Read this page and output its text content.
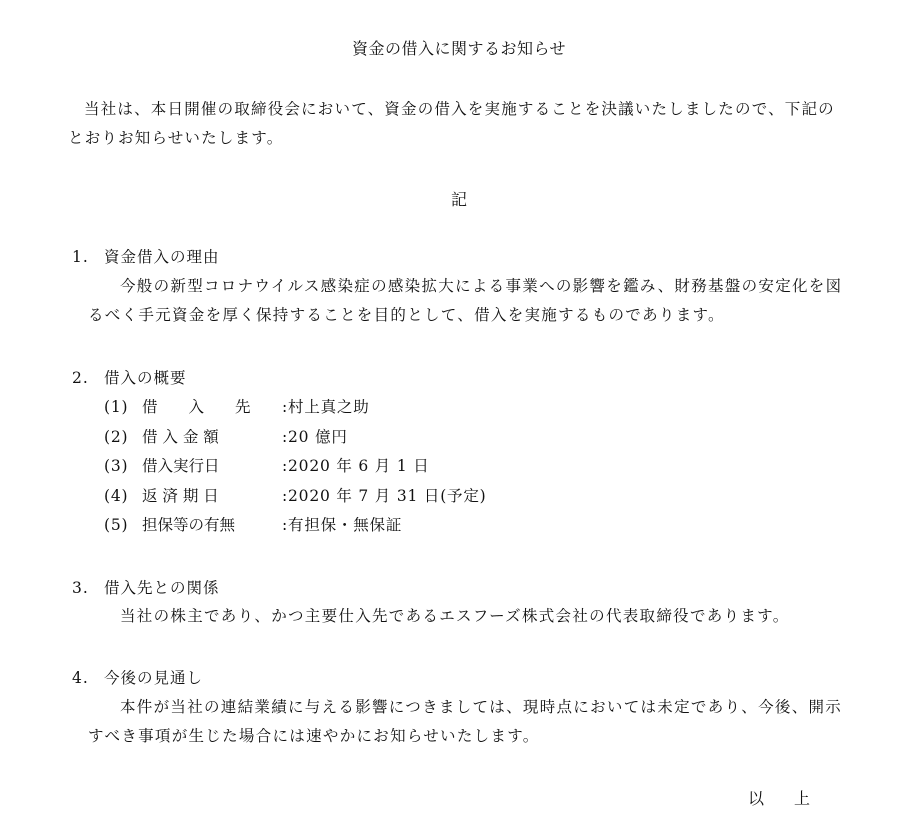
資金の借入に関するお知らせ
当社は、本日開催の取締役会において、資金の借入を実施することを決議いたしましたので、下記のとおりお知らせいたします。
記
1. 資金借入の理由
今般の新型コロナウイルス感染症の感染拡大による事業への影響を鑑み、財務基盤の安定化を図るべく手元資金を厚く保持することを目的として、借入を実施するものであります。
2. 借入の概要
(1) 借　　入　　先	:村上真之助
(2) 借 入 金 額	:20 億円
(3) 借入実行日	:2020 年 6 月 1 日
(4) 返 済 期 日	:2020 年 7 月 31 日(予定)
(5) 担保等の有無	:有担保・無保証
3. 借入先との関係
当社の株主であり、かつ主要仕入先であるエスフーズ株式会社の代表取締役であります。
4. 今後の見通し
本件が当社の連結業績に与える影響につきましては、現時点においては未定であり、今後、開示すべき事項が生じた場合には速やかにお知らせいたします。
以上
